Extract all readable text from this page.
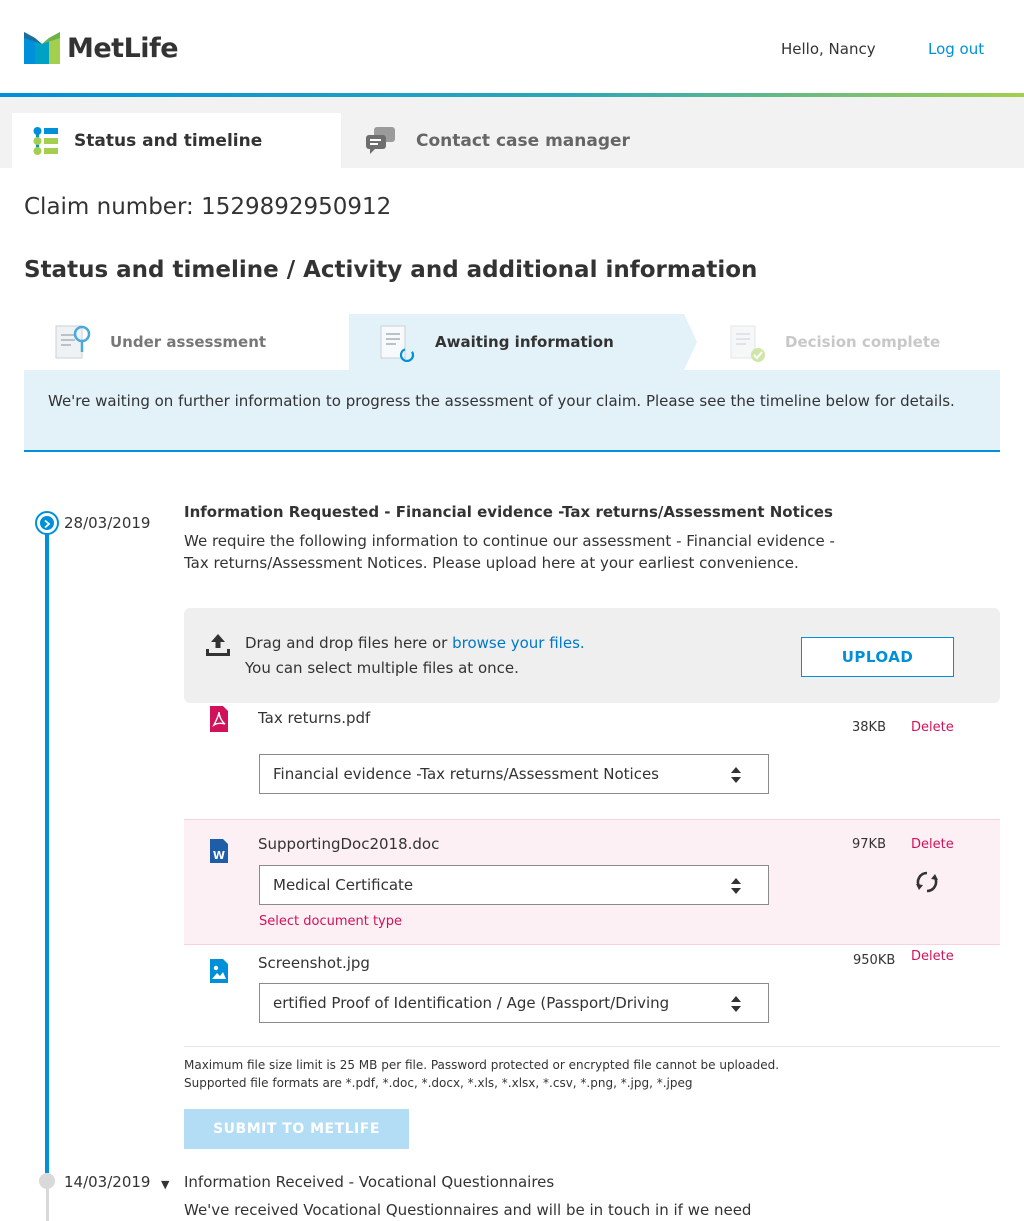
MetLife	Hello, Nancy	Log out
Status and timeline	Contact case manager
Claim number: 1529892950912
Status and timeline / Activity and additional information
Under assessment	Awaiting information	Decision complete

We're waiting on further information to progress the assessment of your claim. Please see the timeline below for details.

28/03/2019
Information Requested - Financial evidence -Tax returns/Assessment Notices
We require the following information to continue our assessment - Financial evidence -Tax returns/Assessment Notices. Please upload here at your earliest convenience.
Drag and drop files here or browse your files.
You can select multiple files at once.
UPLOAD
Tax returns.pdf
38KB Delete
Financial evidence -Tax returns/Assessment Notices
W
SupportingDoc2018.doc	97KB Delete
Medical Certificate
Select document type
Screenshot.jpg	950KB Delete
ertified Proof of Identification / Age (Passport/Driving
Maximum file size limit is 25 MB per file. Password protected or encrypted file cannot be uploaded.
Supported file formats are *.pdf, *.doc, *.docx, *.xls, *.xlsx, *.csv, *.png, *.jpg, *.jpeg
SUBMIT TO METLIFE
14/03/2019 ▼ Information Received - Vocational Questionnaires
We've received Vocational Questionnaires and will be in touch in if we need
